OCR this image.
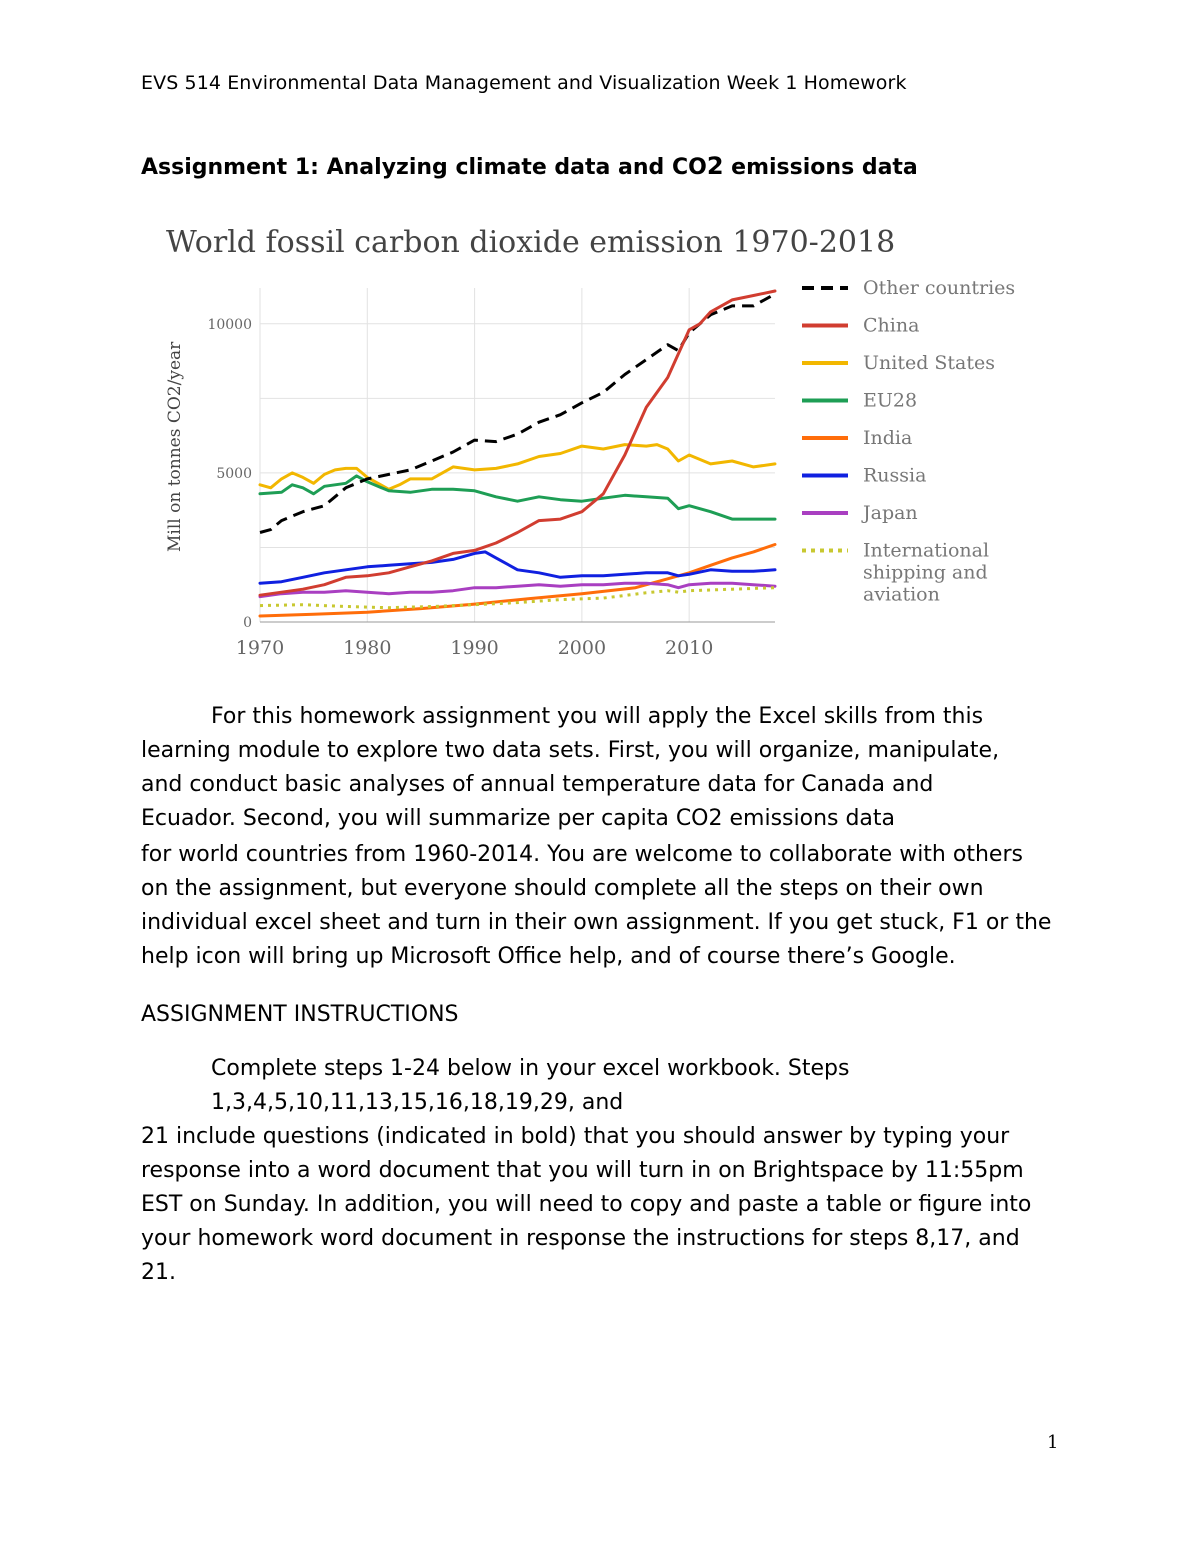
EVS 514 Environmental Data Management and Visualization Week 1 Homework
Assignment 1: Analyzing climate data and CO2 emissions data
World fossil carbon dioxide emission 1970-2018
0
5000
10000
1970	1980	1990	2000	2010
Mill on tonnes CO2/year
Other countries
China
United States
EU28
India
Russia
Japan
International shipping and aviation
For this homework assignment you will apply the Excel skills from this
learning module to explore two data sets. First, you will organize, manipulate,
and conduct basic analyses of annual temperature data for Canada and
Ecuador. Second, you will summarize per capita CO2 emissions data
for world countries from 1960-2014. You are welcome to collaborate with others
on the assignment, but everyone should complete all the steps on their own
individual excel sheet and turn in their own assignment. If you get stuck, F1 or the
help icon will bring up Microsoft Office help, and of course there’s Google.
ASSIGNMENT INSTRUCTIONS
Complete steps 1-24 below in your excel workbook. Steps
1,3,4,5,10,11,13,15,16,18,19,29, and
21 include questions (indicated in bold) that you should answer by typing your
response into a word document that you will turn in on Brightspace by 11:55pm
EST on Sunday. In addition, you will need to copy and paste a table or figure into
your homework word document in response the instructions for steps 8,17, and
21.
1
